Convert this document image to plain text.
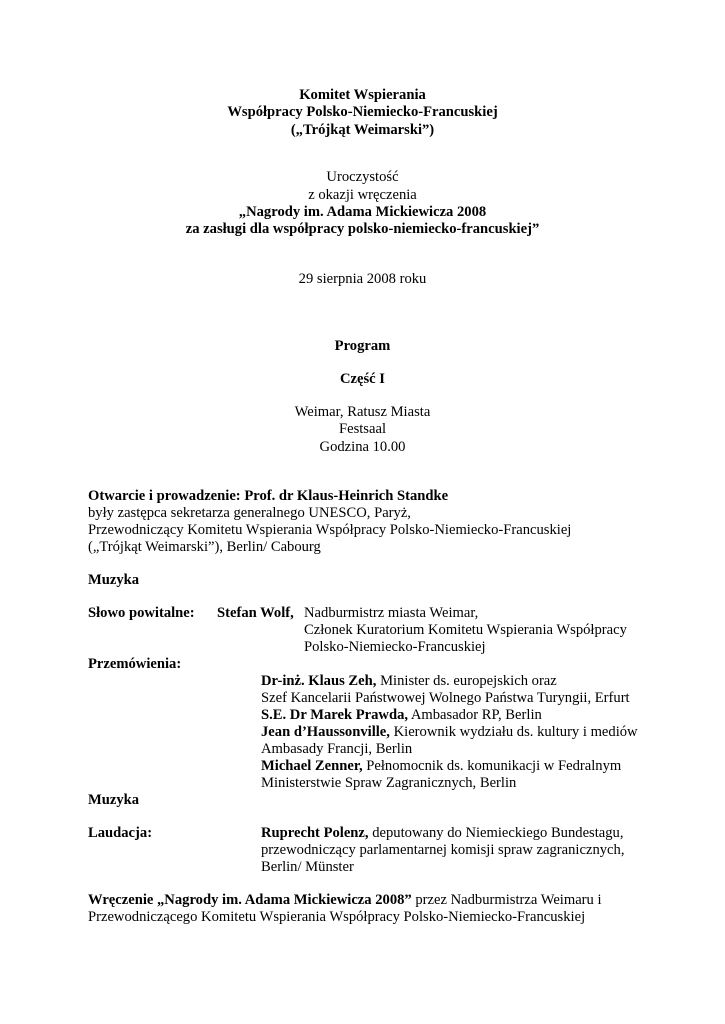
Komitet Wspierania
Współpracy Polsko-Niemiecko-Francuskiej
(„Trójkąt Weimarski”)
Uroczystość
z okazji wręczenia
„Nagrody im. Adama Mickiewicza 2008
za zasługi dla współpracy polsko-niemiecko-francuskiej”
29 sierpnia 2008 roku
Program
Część I
Weimar, Ratusz Miasta
Festsaal
Godzina 10.00
Otwarcie i prowadzenie: Prof. dr Klaus-Heinrich Standke
były zastępca sekretarza generalnego UNESCO, Paryż,
Przewodniczący Komitetu Wspierania Współpracy Polsko-Niemiecko-Francuskiej
(„Trójkąt Weimarski”), Berlin/ Cabourg
Muzyka
Słowo powitalne: Stefan Wolf, Nadburmistrz miasta Weimar,
Członek Kuratorium Komitetu Wspierania Współpracy
Polsko-Niemiecko-Francuskiej
Przemówienia:
Dr-inż. Klaus Zeh, Minister ds. europejskich oraz
Szef Kancelarii Państwowej Wolnego Państwa Turyngii, Erfurt
S.E. Dr Marek Prawda, Ambasador RP, Berlin
Jean d’Haussonville, Kierownik wydziału ds. kultury i mediów
Ambasady Francji, Berlin
Michael Zenner, Pełnomocnik ds. komunikacji w Fedralnym
Ministerstwie Spraw Zagranicznych, Berlin
Muzyka
Laudacja:	Ruprecht Polenz, deputowany do Niemieckiego Bundestagu,
przewodniczący parlamentarnej komisji spraw zagranicznych,
Berlin/ Münster
Wręczenie „Nagrody im. Adama Mickiewicza 2008” przez Nadburmistrza Weimaru i
Przewodniczącego Komitetu Wspierania Współpracy Polsko-Niemiecko-Francuskiej
